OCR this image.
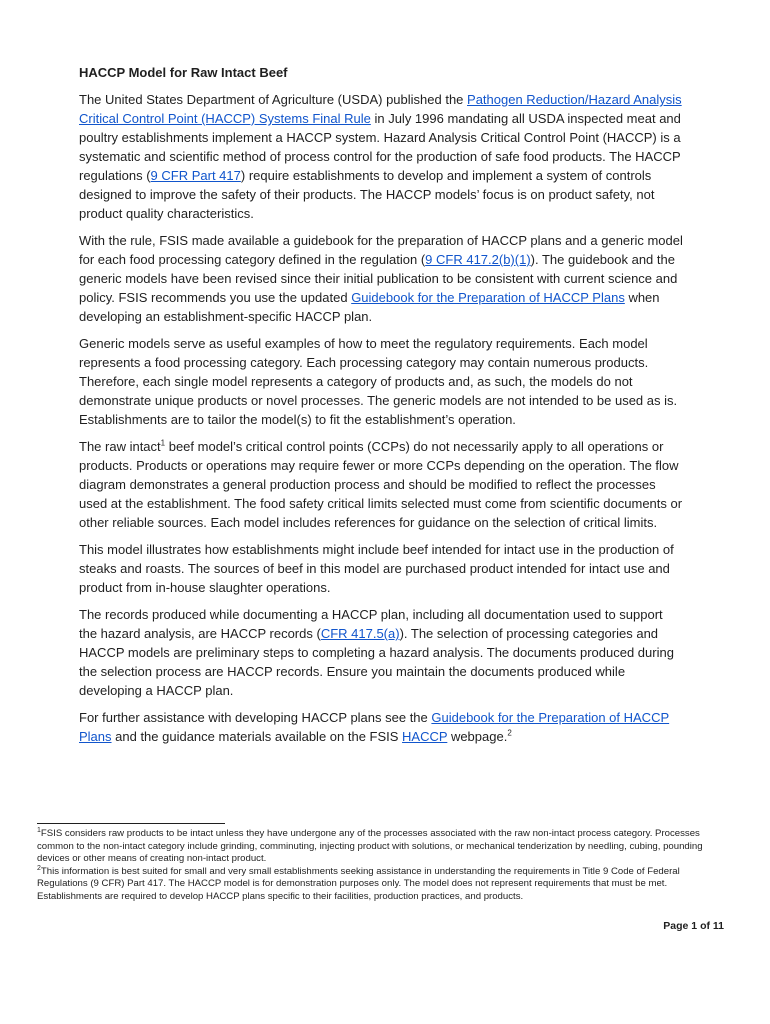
HACCP Model for Raw Intact Beef

The United States Department of Agriculture (USDA) published the Pathogen Reduction/Hazard Analysis Critical Control Point (HACCP) Systems Final Rule in July 1996 mandating all USDA inspected meat and poultry establishments implement a HACCP system. Hazard Analysis Critical Control Point (HACCP) is a systematic and scientific method of process control for the production of safe food products. The HACCP regulations (9 CFR Part 417) require establishments to develop and implement a system of controls designed to improve the safety of their products. The HACCP models’ focus is on product safety, not product quality characteristics.

With the rule, FSIS made available a guidebook for the preparation of HACCP plans and a generic model for each food processing category defined in the regulation (9 CFR 417.2(b)(1)). The guidebook and the generic models have been revised since their initial publication to be consistent with current science and policy. FSIS recommends you use the updated Guidebook for the Preparation of HACCP Plans when developing an establishment-specific HACCP plan.

Generic models serve as useful examples of how to meet the regulatory requirements. Each model represents a food processing category. Each processing category may contain numerous products. Therefore, each single model represents a category of products and, as such, the models do not demonstrate unique products or novel processes. The generic models are not intended to be used as is. Establishments are to tailor the model(s) to fit the establishment’s operation.

The raw intact$^1$ beef model’s critical control points (CCPs) do not necessarily apply to all operations or products. Products or operations may require fewer or more CCPs depending on the operation. The flow diagram demonstrates a general production process and should be modified to reflect the processes used at the establishment. The food safety critical limits selected must come from scientific documents or other reliable sources. Each model includes references for guidance on the selection of critical limits.

This model illustrates how establishments might include beef intended for intact use in the production of steaks and roasts. The sources of beef in this model are purchased product intended for intact use and product from in-house slaughter operations.

The records produced while documenting a HACCP plan, including all documentation used to support the hazard analysis, are HACCP records (CFR 417.5(a)). The selection of processing categories and HACCP models are preliminary steps to completing a hazard analysis. The documents produced during the selection process are HACCP records. Ensure you maintain the documents produced while developing a HACCP plan.

For further assistance with developing HACCP plans see the Guidebook for the Preparation of HACCP Plans and the guidance materials available on the FSIS HACCP webpage.$^2$

$^1$FSIS considers raw products to be intact unless they have undergone any of the processes associated with the raw non-intact process category. Processes common to the non-intact category include grinding, comminuting, injecting product with solutions, or mechanical tenderization by needling, cubing, pounding devices or other means of creating non-intact product.

$^2$This information is best suited for small and very small establishments seeking assistance in understanding the requirements in Title 9 Code of Federal Regulations (9 CFR) Part 417. The HACCP model is for demonstration purposes only. The model does not represent requirements that must be met. Establishments are required to develop HACCP plans specific to their facilities, production practices, and products.

Page 1 of 11
